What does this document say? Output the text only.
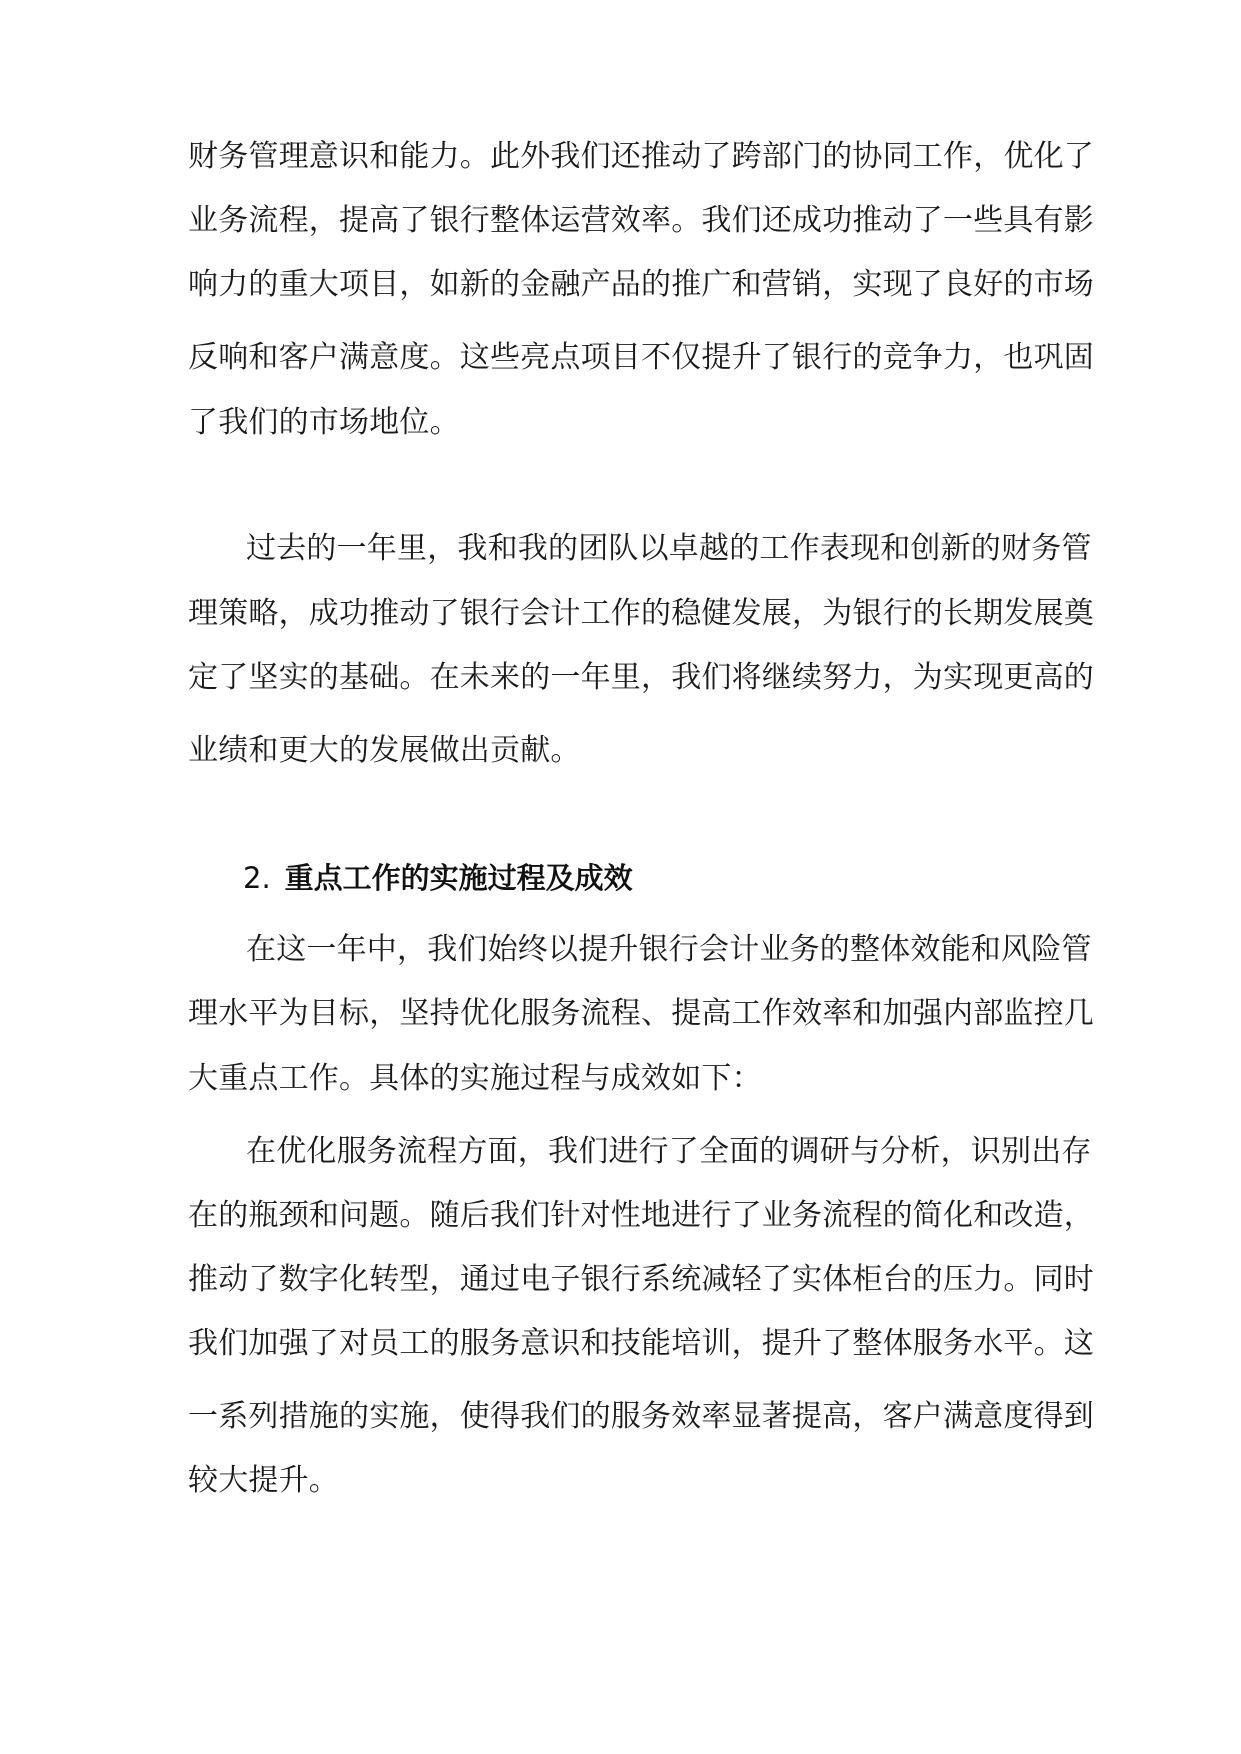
财务管理意识和能力。此外我们还推动了跨部门的协同工作，优化了
业务流程，提高了银行整体运营效率。我们还成功推动了一些具有影
响力的重大项目，如新的金融产品的推广和营销，实现了良好的市场
反响和客户满意度。这些亮点项目不仅提升了银行的竞争力，也巩固
了我们的市场地位。
过去的一年里，我和我的团队以卓越的工作表现和创新的财务管
理策略，成功推动了银行会计工作的稳健发展，为银行的长期发展奠
定了坚实的基础。在未来的一年里，我们将继续努力，为实现更高的
业绩和更大的发展做出贡献。
2. 重点工作的实施过程及成效
在这一年中，我们始终以提升银行会计业务的整体效能和风险管
理水平为目标，坚持优化服务流程、提高工作效率和加强内部监控几
大重点工作。具体的实施过程与成效如下：
在优化服务流程方面，我们进行了全面的调研与分析，识别出存
在的瓶颈和问题。随后我们针对性地进行了业务流程的简化和改造，
推动了数字化转型，通过电子银行系统减轻了实体柜台的压力。同时
我们加强了对员工的服务意识和技能培训，提升了整体服务水平。这
一系列措施的实施，使得我们的服务效率显著提高，客户满意度得到
较大提升。
